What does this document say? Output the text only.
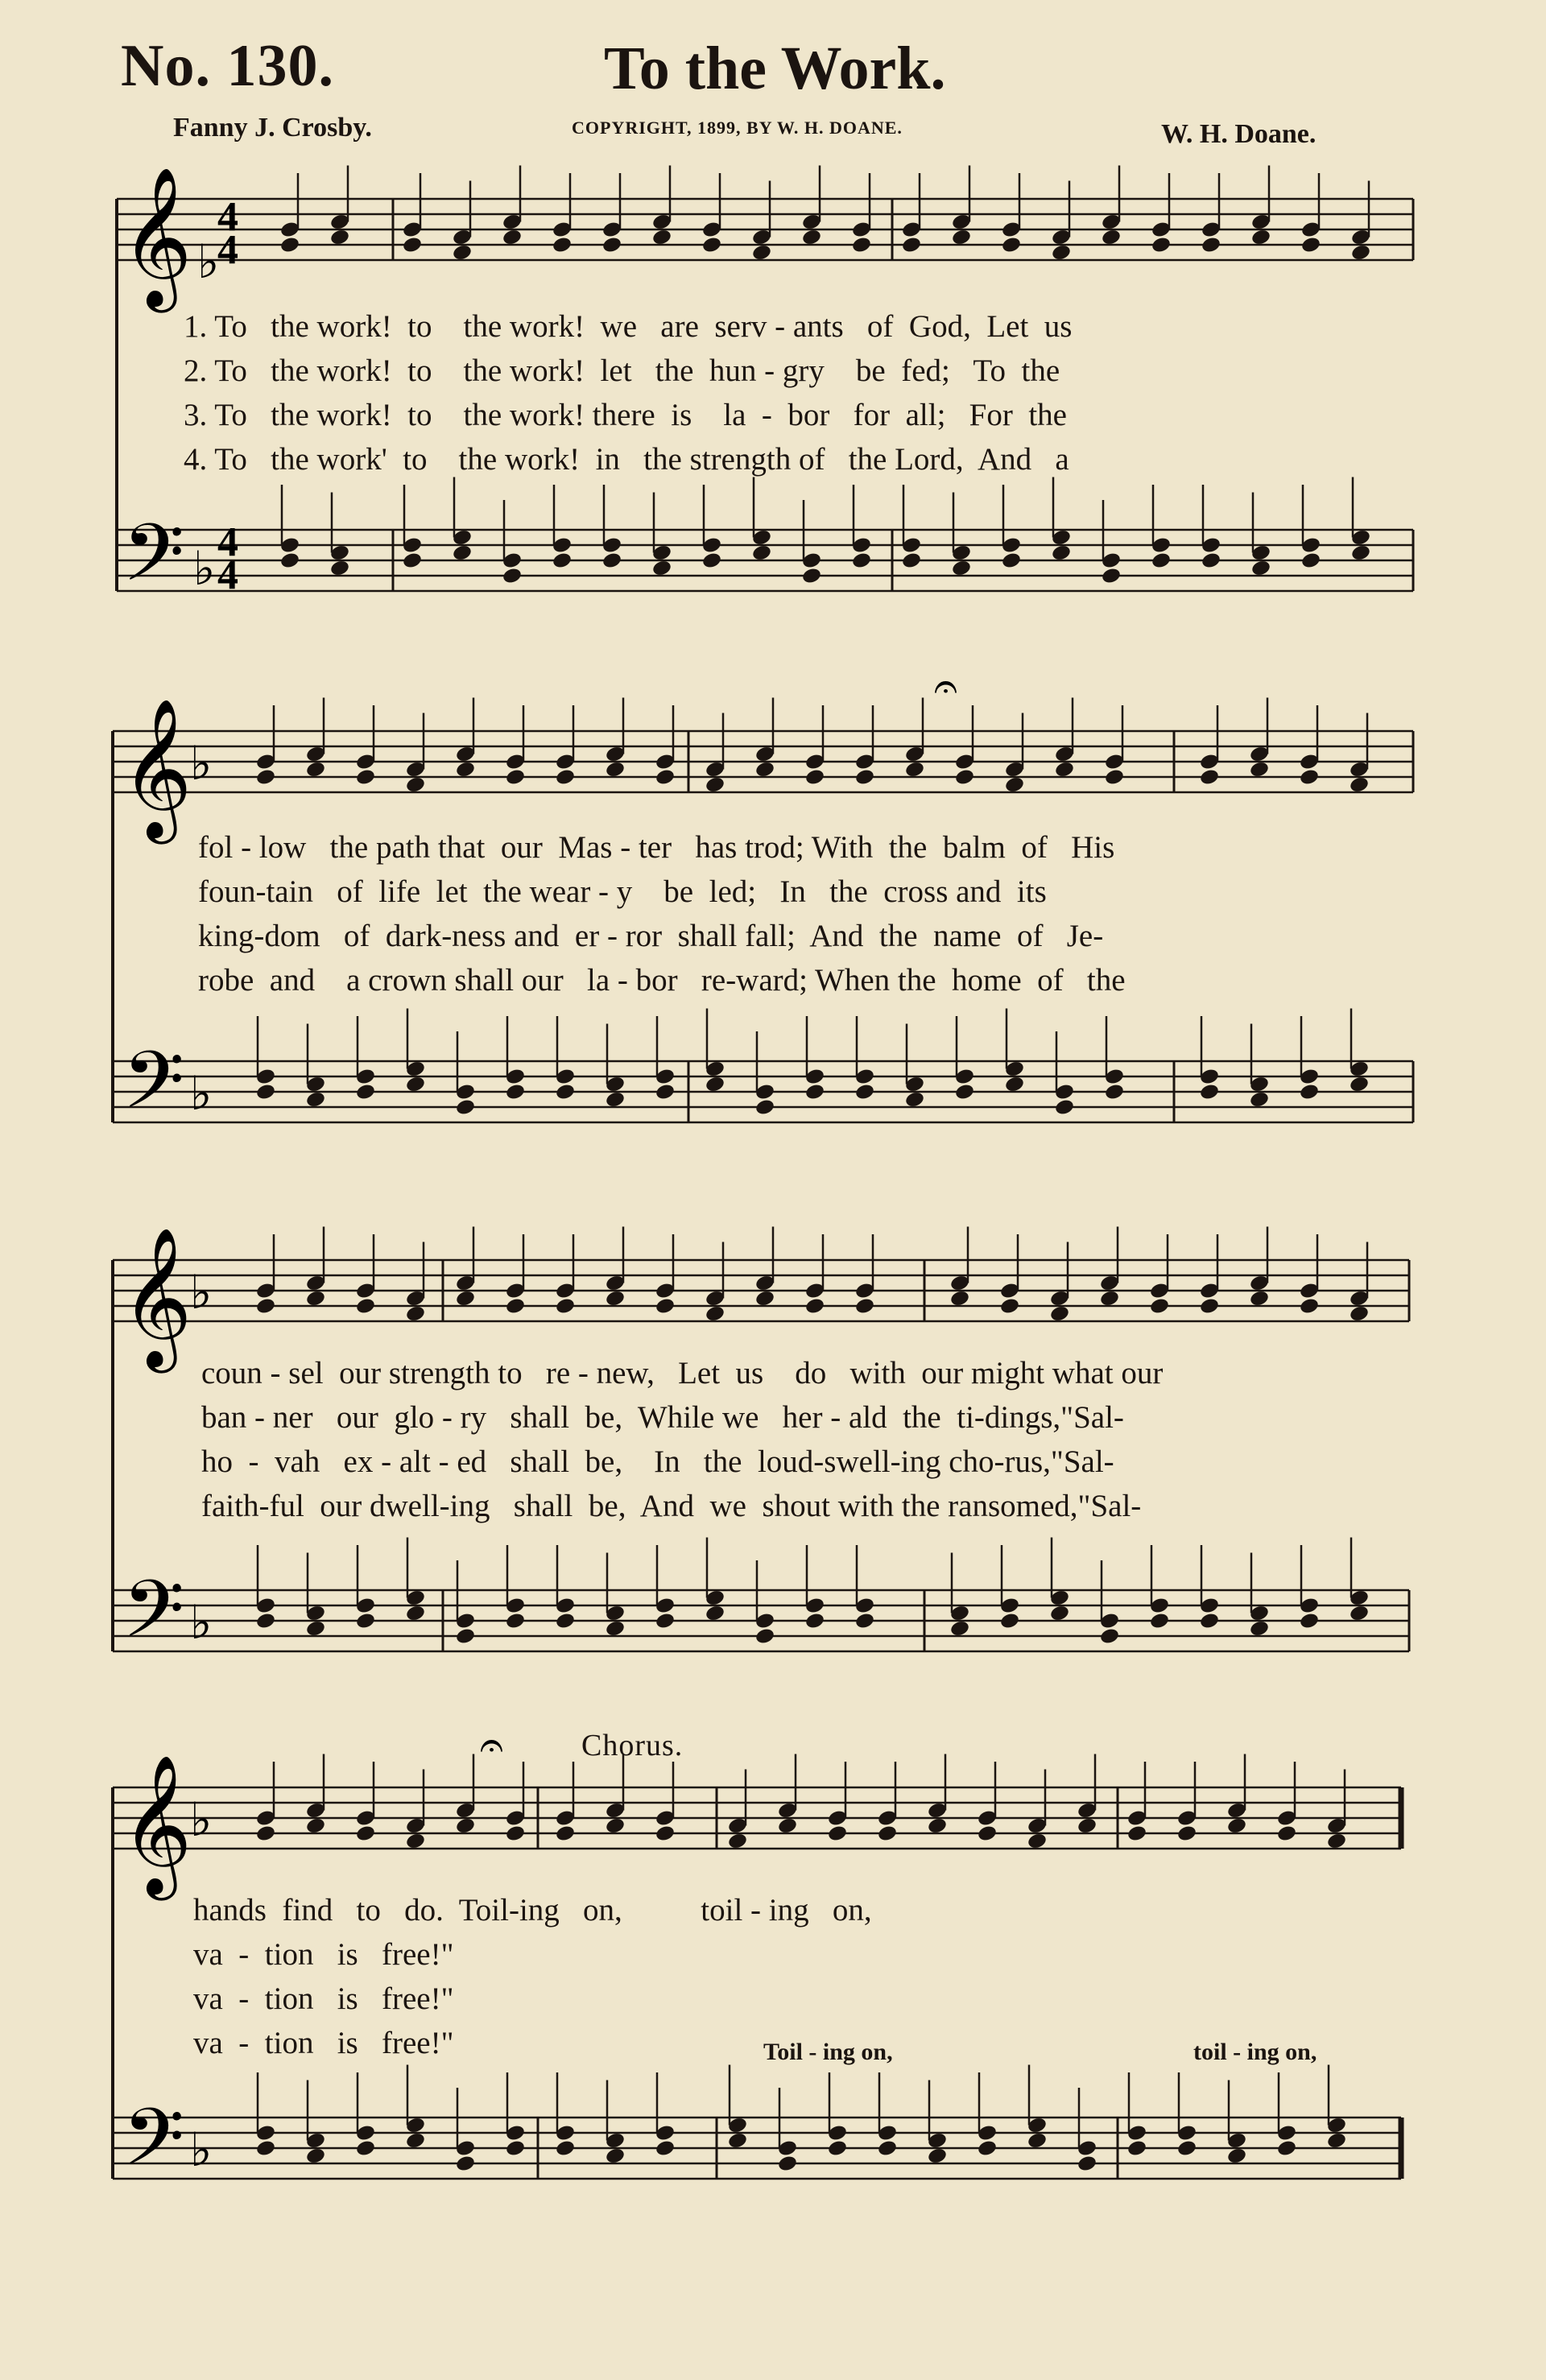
No. 130.	To the Work.
Fanny J. Crosby.	COPYRIGHT, 1899, BY W. H. DOANE.	W. H. Doane.
𝄞
𝄢
♭
♭
4
4
4
4
𝄞
𝄢
♭
♭
𝄞
𝄢
♭
♭
𝄞
𝄢
♭
♭
𝄐
𝄐	Chorus.
1. To   the work!  to    the work!  we   are  serv - ants   of  God,  Let  us
2. To   the work!  to    the work!  let   the  hun - gry    be  fed;   To  the
3. To   the work!  to    the work! there  is    la  -  bor   for  all;   For  the
4. To   the work'  to    the work!  in   the strength of   the Lord,  And   a
fol - low   the path that  our  Mas - ter   has trod; With  the  balm  of   His
foun-tain   of  life  let  the wear - y    be  led;   In   the  cross and  its
king-dom   of  dark-ness and  er - ror  shall fall;  And  the  name  of   Je-
robe  and    a crown shall our   la - bor   re-ward; When the  home  of   the
coun - sel  our strength to   re - new,   Let  us    do   with  our might what our
ban - ner   our  glo - ry   shall  be,  While we   her - ald  the  ti-dings,"Sal-
ho  -  vah   ex - alt - ed   shall  be,    In   the  loud-swell-ing cho-rus,"Sal-
faith-ful  our dwell-ing   shall  be,  And  we  shout with the ransomed,"Sal-
hands  find   to   do.  Toil-ing   on,          toil - ing   on,
va  -  tion   is   free!"
va  -  tion   is   free!"
va  -  tion   is   free!"	Toil - ing on,	toil - ing on,
